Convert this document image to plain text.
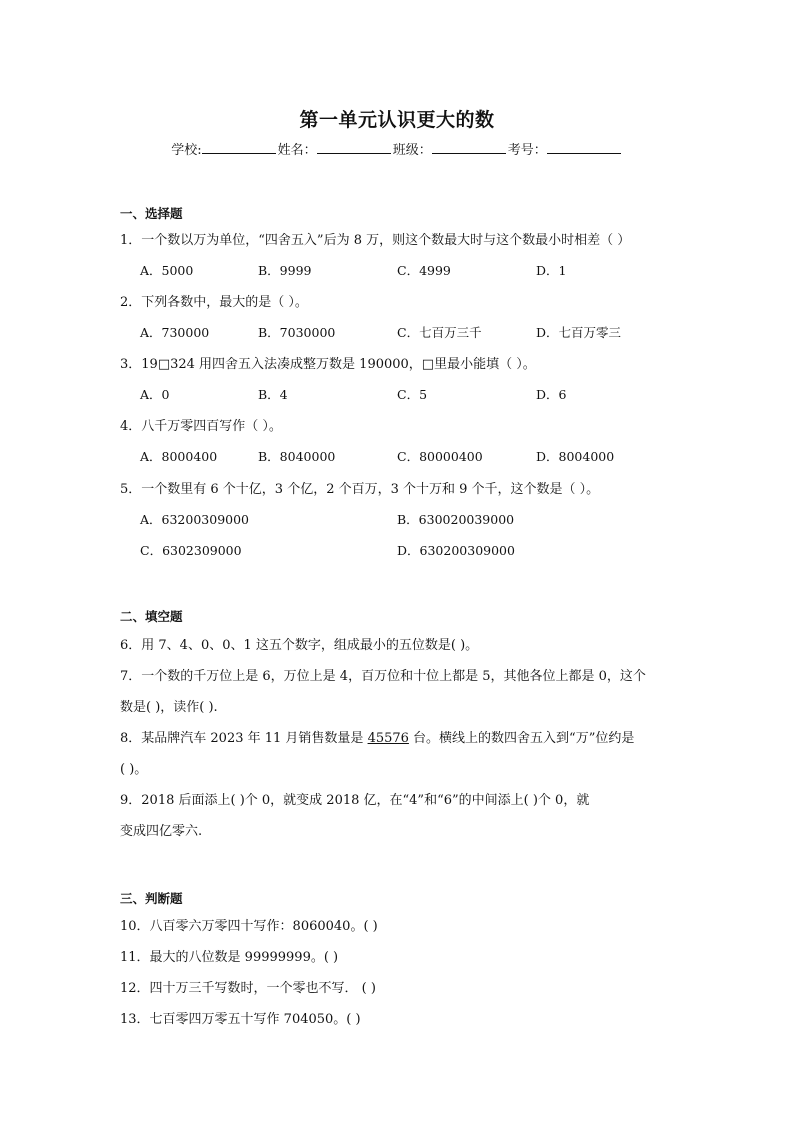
第一单元认识更大的数
学校:	姓名：	班级：	考号：
一、选择题
1．一个数以万为单位，“四舍五入”后为 8 万，则这个数最大时与这个数最小时相差（ ）
A．5000	B．9999	C．4999	D．1
2．下列各数中，最大的是（ ）。
A．730000	B．7030000	C．七百万三千	D．七百万零三
3．19□324 用四舍五入法凑成整万数是 190000，□里最小能填（ ）。
A．0	B．4	C．5	D．6
4．八千万零四百写作（ ）。
A．8000400	B．8040000	C．80000400	D．8004000
5．一个数里有 6 个十亿，3 个亿，2 个百万，3 个十万和 9 个千，这个数是（ ）。
A．63200309000	B．630020039000
C．6302309000	D．630200309000
二、填空题
6．用 7、4、0、0、1 这五个数字，组成最小的五位数是( )。
7．一个数的千万位上是 6，万位上是 4，百万位和十位上都是 5，其他各位上都是 0，这个
数是( )，读作( ).
8．某品牌汽车 2023 年 11 月销售数量是 45576 台。横线上的数四舍五入到“万”位约是
( )。
9．2018 后面添上( )个 0，就变成 2018 亿，在“4”和“6”的中间添上( )个 0，就
变成四亿零六.
三、判断题
10．八百零六万零四十写作：8060040。( )
11．最大的八位数是 99999999。( )
12．四十万三千写数时，一个零也不写． ( )
13．七百零四万零五十写作 704050。( )
